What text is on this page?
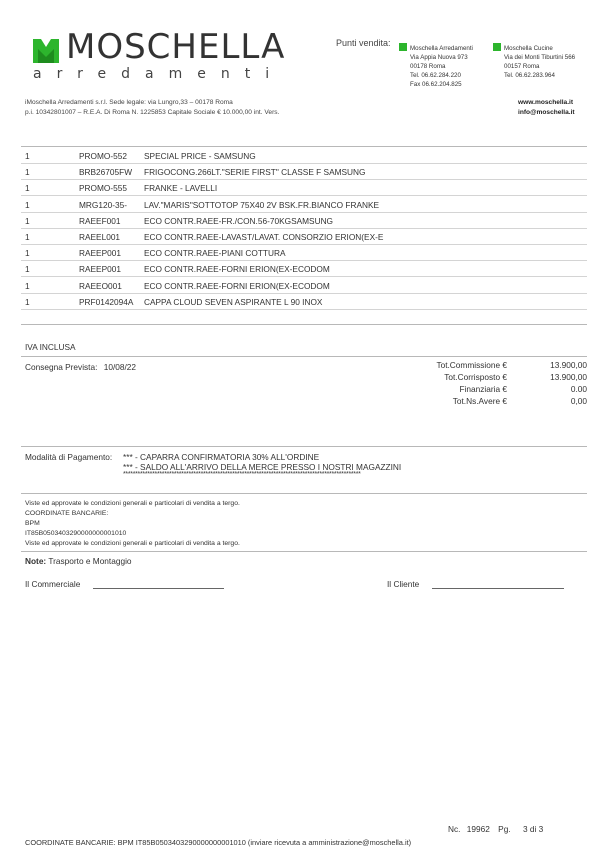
MOSCHELLA
arredamenti
Punti vendita:
Moschella Arredamenti
Via Appia Nuova 973
00178 Roma
Tel. 06.62.284.220
Fax 06.62.204.825
Moschella Cucine
Via dei Monti Tiburtini 566
00157 Roma
Tel. 06.62.283.964
iMoschella Arredamenti s.r.l. Sede legale: via Lungro,33 – 00178 Roma
p.i. 10342801007 – R.E.A. Di Roma N. 1225853 Capitale Sociale € 10.000,00 int. Vers.
www.moschella.it
info@moschella.it
1	PROMO-552 SPECIAL PRICE - SAMSUNG
1	BRB26705FW FRIGOCONG.266LT."SERIE FIRST" CLASSE F SAMSUNG
1	PROMO-555 FRANKE - LAVELLI
1	MRG120-35- LAV."MARIS"SOTTOTOP 75X40 2V BSK.FR.BIANCO FRANKE
1	RAEEF001	ECO CONTR.RAEE-FR./CON.56-70KGSAMSUNG
1	RAEEL001	ECO CONTR.RAEE-LAVAST/LAVAT. CONSORZIO ERION(EX-E
1	RAEEP001	ECO CONTR.RAEE-PIANI COTTURA
1	RAEEP001	ECO CONTR.RAEE-FORNI ERION(EX-ECODOM
1	RAEEO001	ECO CONTR.RAEE-FORNI ERION(EX-ECODOM
1	PRF0142094A CAPPA CLOUD SEVEN ASPIRANTE L 90 INOX
IVA INCLUSA
Consegna Prevista: 10/08/22	Tot.Commissione €	13.900,00
Tot.Corrisposto €	13.900,00
Finanziaria €	0.00
Tot.Ns.Avere €	0,00
Modalità di Pagamento: *** - CAPARRA CONFIRMATORIA 30% ALL'ORDINE
*** - SALDO ALL'ARRIVO DELLA MERCE PRESSO I NOSTRI MAGAZZINI
**************************************************************************************************
Viste ed approvate le condizioni generali e particolari di vendita a tergo.
COORDINATE BANCARIE:
BPM
IT85B0503403290000000001010
Viste ed approvate le condizioni generali e particolari di vendita a tergo.
Note: Trasporto e Montaggio
Il Commerciale	Il Cliente
Nc. 19962 Pg. 3 di 3
COORDINATE BANCARIE: BPM IT85B0503403290000000001010 (inviare ricevuta a amministrazione@moschella.it)
